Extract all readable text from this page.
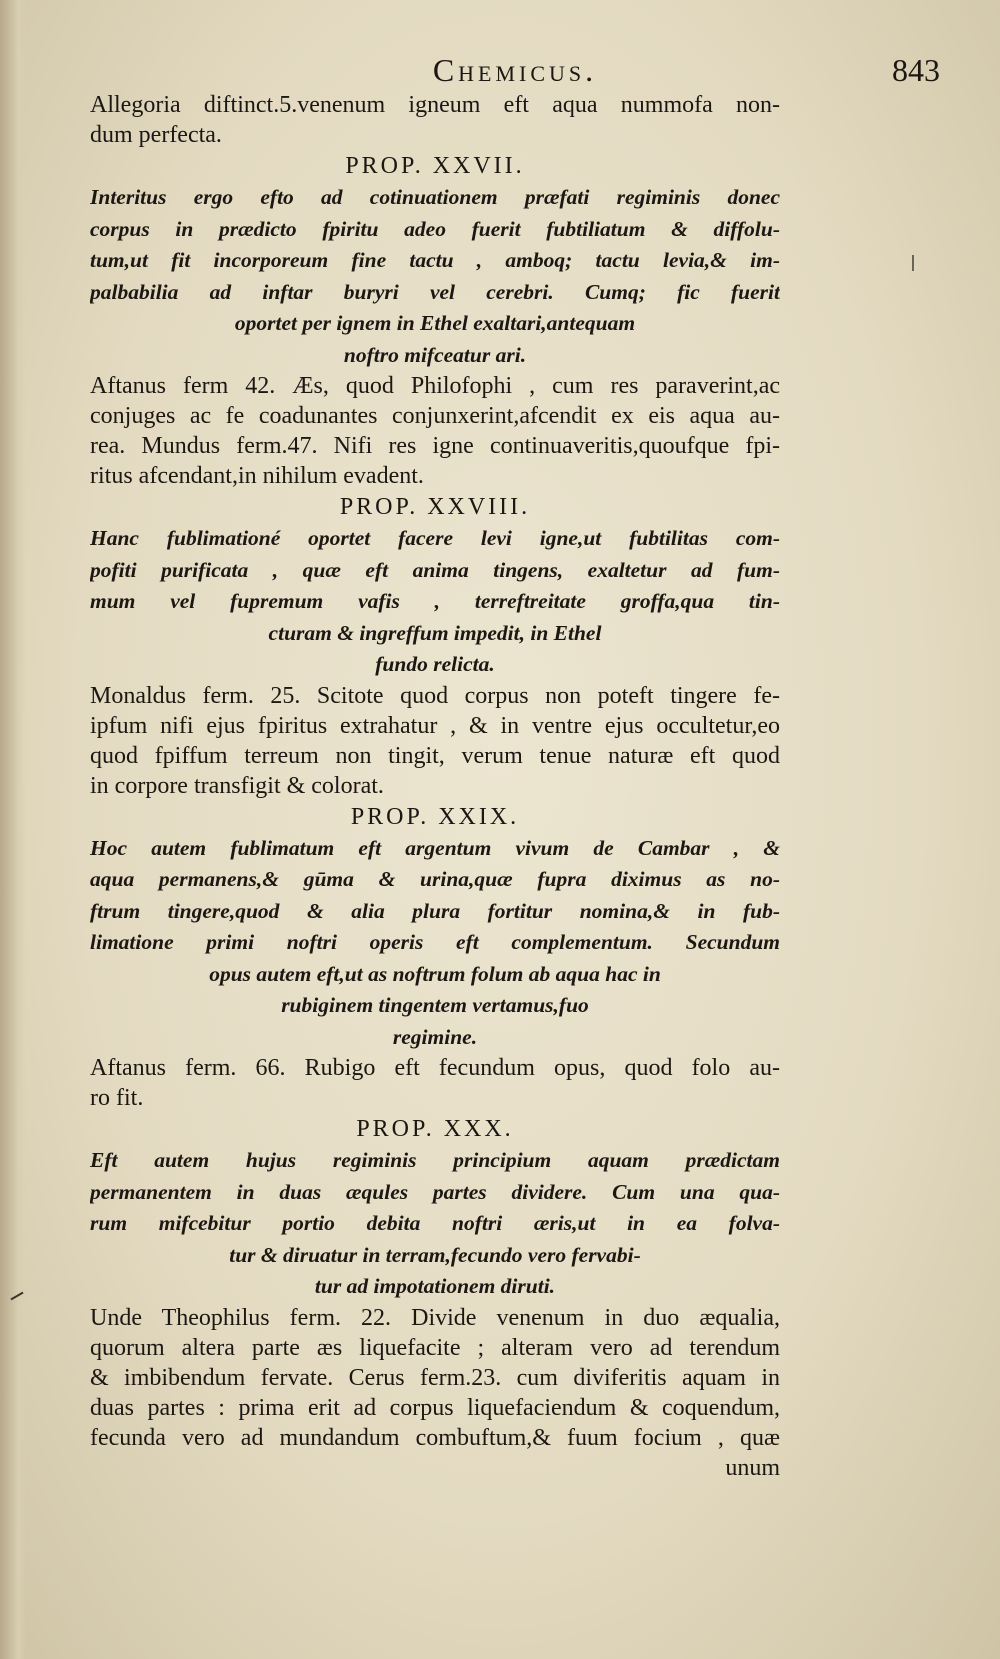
Chemicus.	843
Allegoria diftinct.5.venenum igneum eft aqua nummofa non-
dum perfecta.
PROP. XXVII.
Interitus ergo efto ad cotinuationem præfati regiminis donec
corpus in prædicto fpiritu adeo fuerit fubtiliatum & diffolu-
tum,ut fit incorporeum fine tactu , amboq; tactu levia,& im-
palbabilia ad inftar buryri vel cerebri. Cumq; fic fuerit
oportet per ignem in Ethel exaltari,antequam
noftro mifceatur ari.
Aftanus ferm 42. Æs, quod Philofophi , cum res paraverint,ac
conjuges ac fe coadunantes conjunxerint,afcendit ex eis aqua au-
rea. Mundus ferm.47. Nifi res igne continuaveritis,quoufque fpi-
ritus afcendant,in nihilum evadent.
PROP. XXVIII.
Hanc fublimationé oportet facere levi igne,ut fubtilitas com-
pofiti purificata , quæ eft anima tingens, exaltetur ad fum-
mum vel fupremum vafis , terreftreitate groffa,qua tin-
cturam & ingreffum impedit, in Ethel
fundo relicta.
Monaldus ferm. 25. Scitote quod corpus non poteft tingere fe-
ipfum nifi ejus fpiritus extrahatur , & in ventre ejus occultetur,eo
quod fpiffum terreum non tingit, verum tenue naturæ eft quod
in corpore transfigit & colorat.
PROP. XXIX.
Hoc autem fublimatum eft argentum vivum de Cambar , &
aqua permanens,& gūma & urina,quæ fupra diximus as no-
ftrum tingere,quod & alia plura fortitur nomina,& in fub-
limatione primi noftri operis eft complementum. Secundum
opus autem eft,ut as noftrum folum ab aqua hac in
rubiginem tingentem vertamus,fuo
regimine.
Aftanus ferm. 66. Rubigo eft fecundum opus, quod folo au-
ro fit.
PROP. XXX.
Eft autem hujus regiminis principium aquam prædictam
permanentem in duas æqules partes dividere. Cum una qua-
rum mifcebitur portio debita noftri æris,ut in ea folva-
tur & diruatur in terram,fecundo vero fervabi-
tur ad impotationem diruti.
Unde Theophilus ferm. 22. Divide venenum in duo æqualia,
quorum altera parte æs liquefacite ; alteram vero ad terendum
& imbibendum fervate. Cerus ferm.23. cum diviferitis aquam in
duas partes : prima erit ad corpus liquefaciendum & coquendum,
fecunda vero ad mundandum combuftum,& fuum focium , quæ
unum
